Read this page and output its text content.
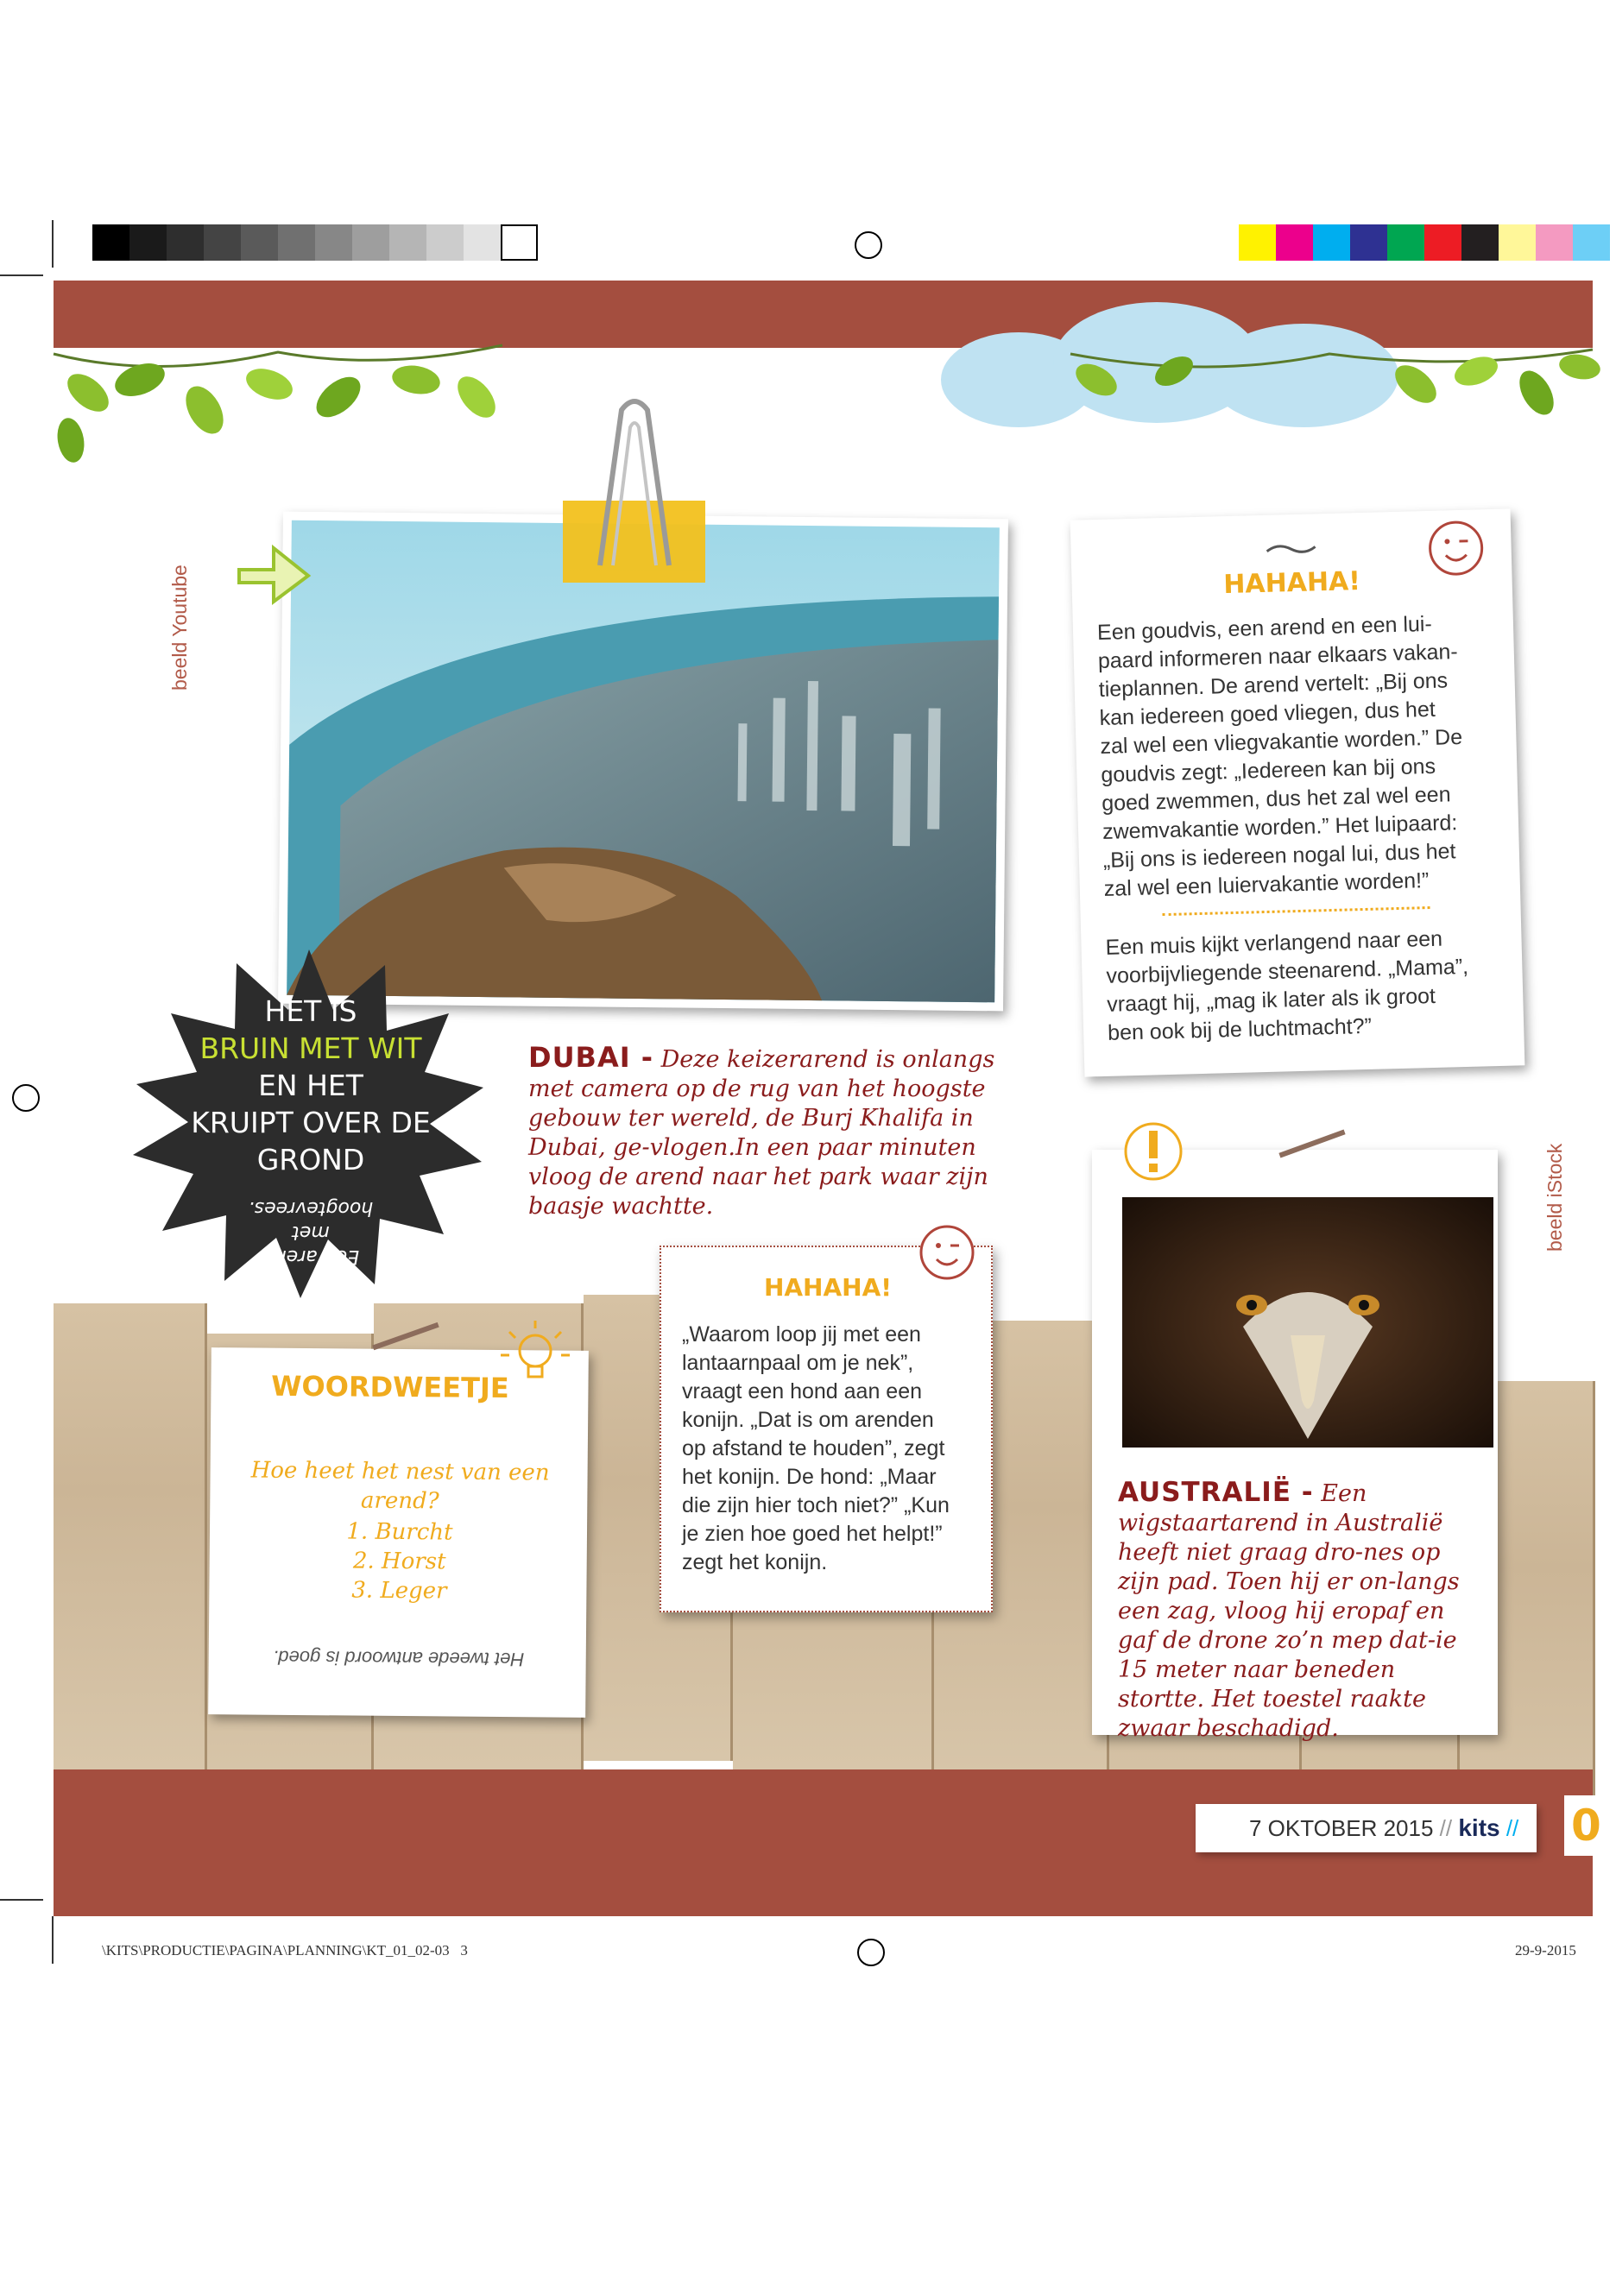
beeld Youtube
HET IS
BRUIN MET WIT
EN HET
KRUIPT OVER DE
GROND
Een arend met hoogtevrees.
DUBAI - Deze keizerarend is onlangs met camera op de rug van het hoogste gebouw ter wereld, de Burj Khalifa in Dubai, ge-vlogen.In een paar minuten vloog de arend naar het park waar zijn baasje wachtte.
HAHAHA!
Een goudvis, een arend en een lui-
paard informeren naar elkaars vakan-
tieplannen. De arend vertelt: „Bij ons
kan iedereen goed vliegen, dus het
zal wel een vliegvakantie worden.” De
goudvis zegt: „Iedereen kan bij ons
goed zwemmen, dus het zal wel een
zwemvakantie worden.” Het luipaard:
„Bij ons is iedereen nogal lui, dus het
zal wel een luiervakantie worden!”
Een muis kijkt verlangend naar een
voorbijvliegende steenarend. „Mama”,
vraagt hij, „mag ik later als ik groot
ben ook bij de luchtmacht?”
HAHAHA!
„Waarom loop jij met een
lantaarnpaal om je nek”,
vraagt een hond aan een
konijn. „Dat is om arenden
op afstand te houden”, zegt
het konijn. De hond: „Maar
die zijn hier toch niet?” „Kun
je zien hoe goed het helpt!”
zegt het konijn.
WOORDWEETJE
Hoe heet het nest van een arend?
1. Burcht
2. Horst
3. Leger
Het tweede antwoord is goed.
AUSTRALIË - Een wigstaartarend in Australië heeft niet graag dro-nes op zijn pad. Toen hij er on-langs een zag, vloog hij eropaf en gaf de drone zo’n mep dat-ie 15 meter naar beneden stortte. Het toestel raakte zwaar beschadigd.
beeld iStock
7 OKTOBER 2015 // kits //	0
\KITS\PRODUCTIE\PAGINA\PLANNING\KT_01_02-03   3	29-9-2015
